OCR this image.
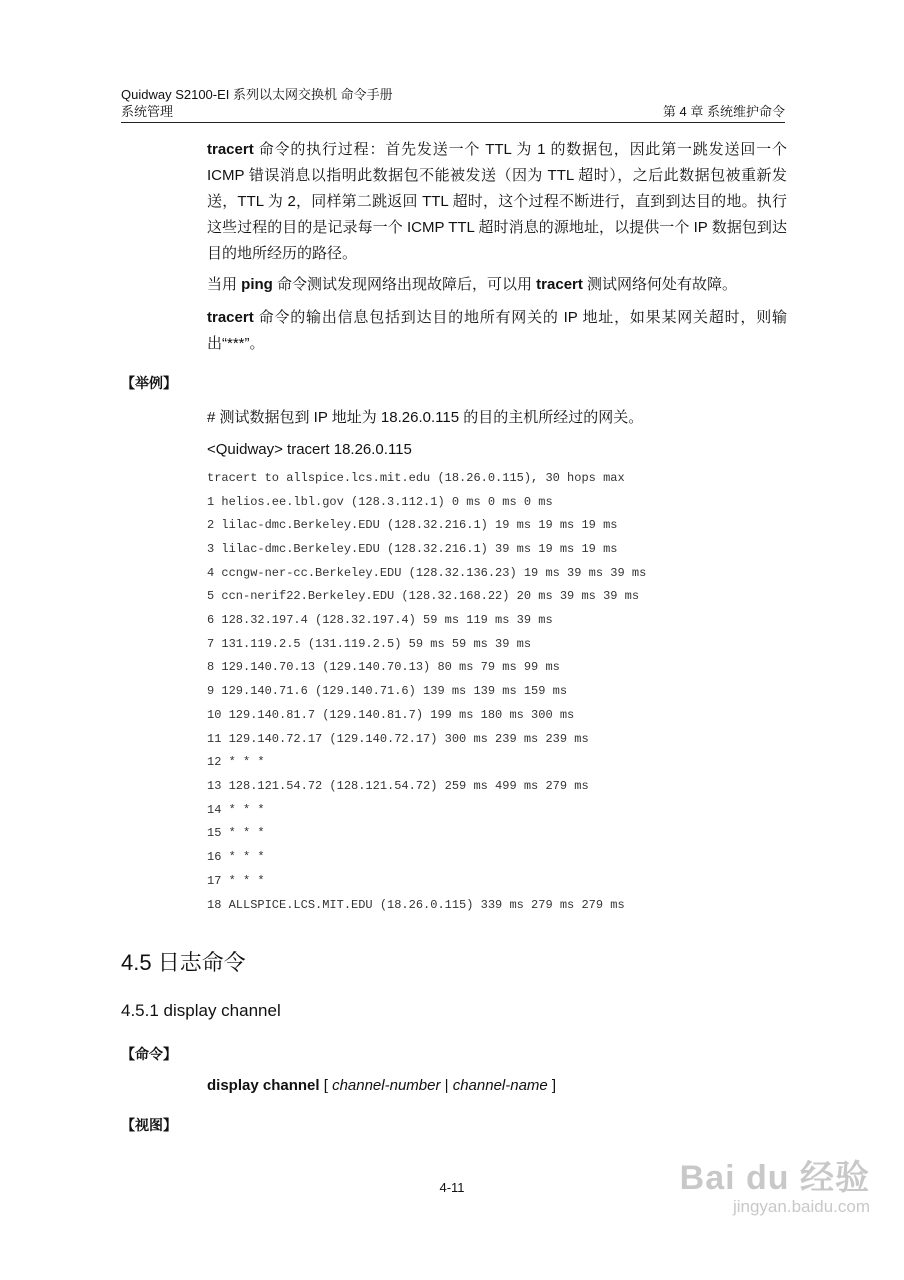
Quidway S2100-EI 系列以太网交换机 命令手册
系统管理	第 4 章 系统维护命令
tracert 命令的执行过程：首先发送一个 TTL 为 1 的数据包，因此第一跳发送回一个 ICMP 错误消息以指明此数据包不能被发送（因为 TTL 超时），之后此数据包被重新发送，TTL 为 2，同样第二跳返回 TTL 超时，这个过程不断进行，直到到达目的地。执行这些过程的目的是记录每一个 ICMP TTL 超时消息的源地址，以提供一个 IP 数据包到达目的地所经历的路径。
当用 ping 命令测试发现网络出现故障后，可以用 tracert 测试网络何处有故障。
tracert 命令的输出信息包括到达目的地所有网关的 IP 地址，如果某网关超时，则输出“***”。
【举例】
# 测试数据包到 IP 地址为 18.26.0.115 的目的主机所经过的网关。
<Quidway> tracert 18.26.0.115
tracert to allspice.lcs.mit.edu (18.26.0.115), 30 hops max
1 helios.ee.lbl.gov (128.3.112.1) 0 ms 0 ms 0 ms
2 lilac-dmc.Berkeley.EDU (128.32.216.1) 19 ms 19 ms 19 ms
3 lilac-dmc.Berkeley.EDU (128.32.216.1) 39 ms 19 ms 19 ms
4 ccngw-ner-cc.Berkeley.EDU (128.32.136.23) 19 ms 39 ms 39 ms
5 ccn-nerif22.Berkeley.EDU (128.32.168.22) 20 ms 39 ms 39 ms
6 128.32.197.4 (128.32.197.4) 59 ms 119 ms 39 ms
7 131.119.2.5 (131.119.2.5) 59 ms 59 ms 39 ms
8 129.140.70.13 (129.140.70.13) 80 ms 79 ms 99 ms
9 129.140.71.6 (129.140.71.6) 139 ms 139 ms 159 ms
10 129.140.81.7 (129.140.81.7) 199 ms 180 ms 300 ms
11 129.140.72.17 (129.140.72.17) 300 ms 239 ms 239 ms
12 * * *
13 128.121.54.72 (128.121.54.72) 259 ms 499 ms 279 ms
14 * * *
15 * * *
16 * * *
17 * * *
18 ALLSPICE.LCS.MIT.EDU (18.26.0.115) 339 ms 279 ms 279 ms
4.5 日志命令
4.5.1 display channel
【命令】
display channel [ channel-number | channel-name ]
【视图】
4-11	Bai du 经验
jingyan.baidu.com
